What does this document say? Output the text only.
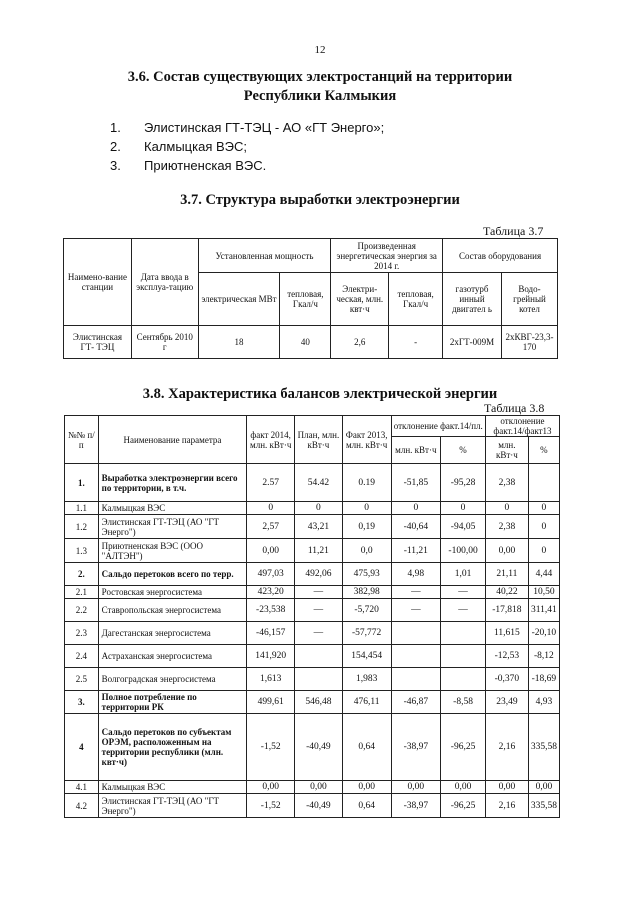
12
3.6. Состав существующих электростанций на территории
Республики Калмыкия
1. Элистинская ГТ-ТЭЦ - АО «ГТ Энерго»;
2. Калмыцкая ВЭС;
3. Приютненская ВЭС.
3.7. Структура выработки электроэнергии
Таблица 3.7
Наимено-вание станции	Дата ввода в эксплуа-тацию	Установленная мощность		Произведенная энергетическая энергия за 2014 г.		Состав оборудования	
		электрическая МВт	тепловая, Гкал/ч	Электри-ческая, млн. квт·ч	тепловая, Гкал/ч	газотурб инный двигател ь	Водо-грейный котел
Элистинская ГТ- ТЭЦ	Сентябрь 2010 г	18	40	2,6	-	2хГТ-009М	2хКВГ-23,3-170
3.8. Характеристика балансов электрической энергии
Таблица 3.8
№№ п/п	Наименование параметра	факт 2014, млн. кВт·ч	План, млн. кВт·ч	Факт 2013, млн. кВт·ч	отклонение факт.14/пл.		отклонение факт.14/факт13	
					млн. кВт·ч	%	млн. кВт·ч	%
1.	Выработка электроэнергии всего по территории, в т.ч.	2.57	54.42	0.19	-51,85	-95,28	2,38	
1.1	Калмыцкая ВЭС	0	0	0	0	0	0	0
1.2	Элистинская ГТ-ТЭЦ (АО "ГТ Энерго")	2,57	43,21	0,19	-40,64	-94,05	2,38	0
1.3	Приютненская ВЭС (ООО "АЛТЭН")	0,00	11,21	0,0	-11,21	-100,00	0,00	0
2.	Сальдо перетоков всего по терр.	497,03	492,06	475,93	4,98	1,01	21,11	4,44
2.1	Ростовская энергосистема	423,20	—	382,98	—	—	40,22	10,50
2.2	Ставропольская энергосистема	-23,538	—	-5,720	—	—	-17,818	311,41
2.3	Дагестанская энергосистема	-46,157	—	-57,772			11,615	-20,10
2.4	Астраханская энергосистема	141,920		154,454			-12,53	-8,12
2.5	Волгоградская энергосистема	1,613		1,983			-0,370	-18,69
3.	Полное потребление по территории РК	499,61	546,48	476,11	-46,87	-8,58	23,49	4,93
4	Сальдо перетоков по субъектам ОРЭМ, расположенным на территории республики (млн. квт·ч)	-1,52	-40,49	0,64	-38,97	-96,25	2,16	335,58
4.1	Калмыцкая ВЭС	0,00	0,00	0,00	0,00	0,00	0,00	0,00
4.2	Элистинская ГТ-ТЭЦ (АО "ГТ Энерго")	-1,52	-40,49	0,64	-38,97	-96,25	2,16	335,58
